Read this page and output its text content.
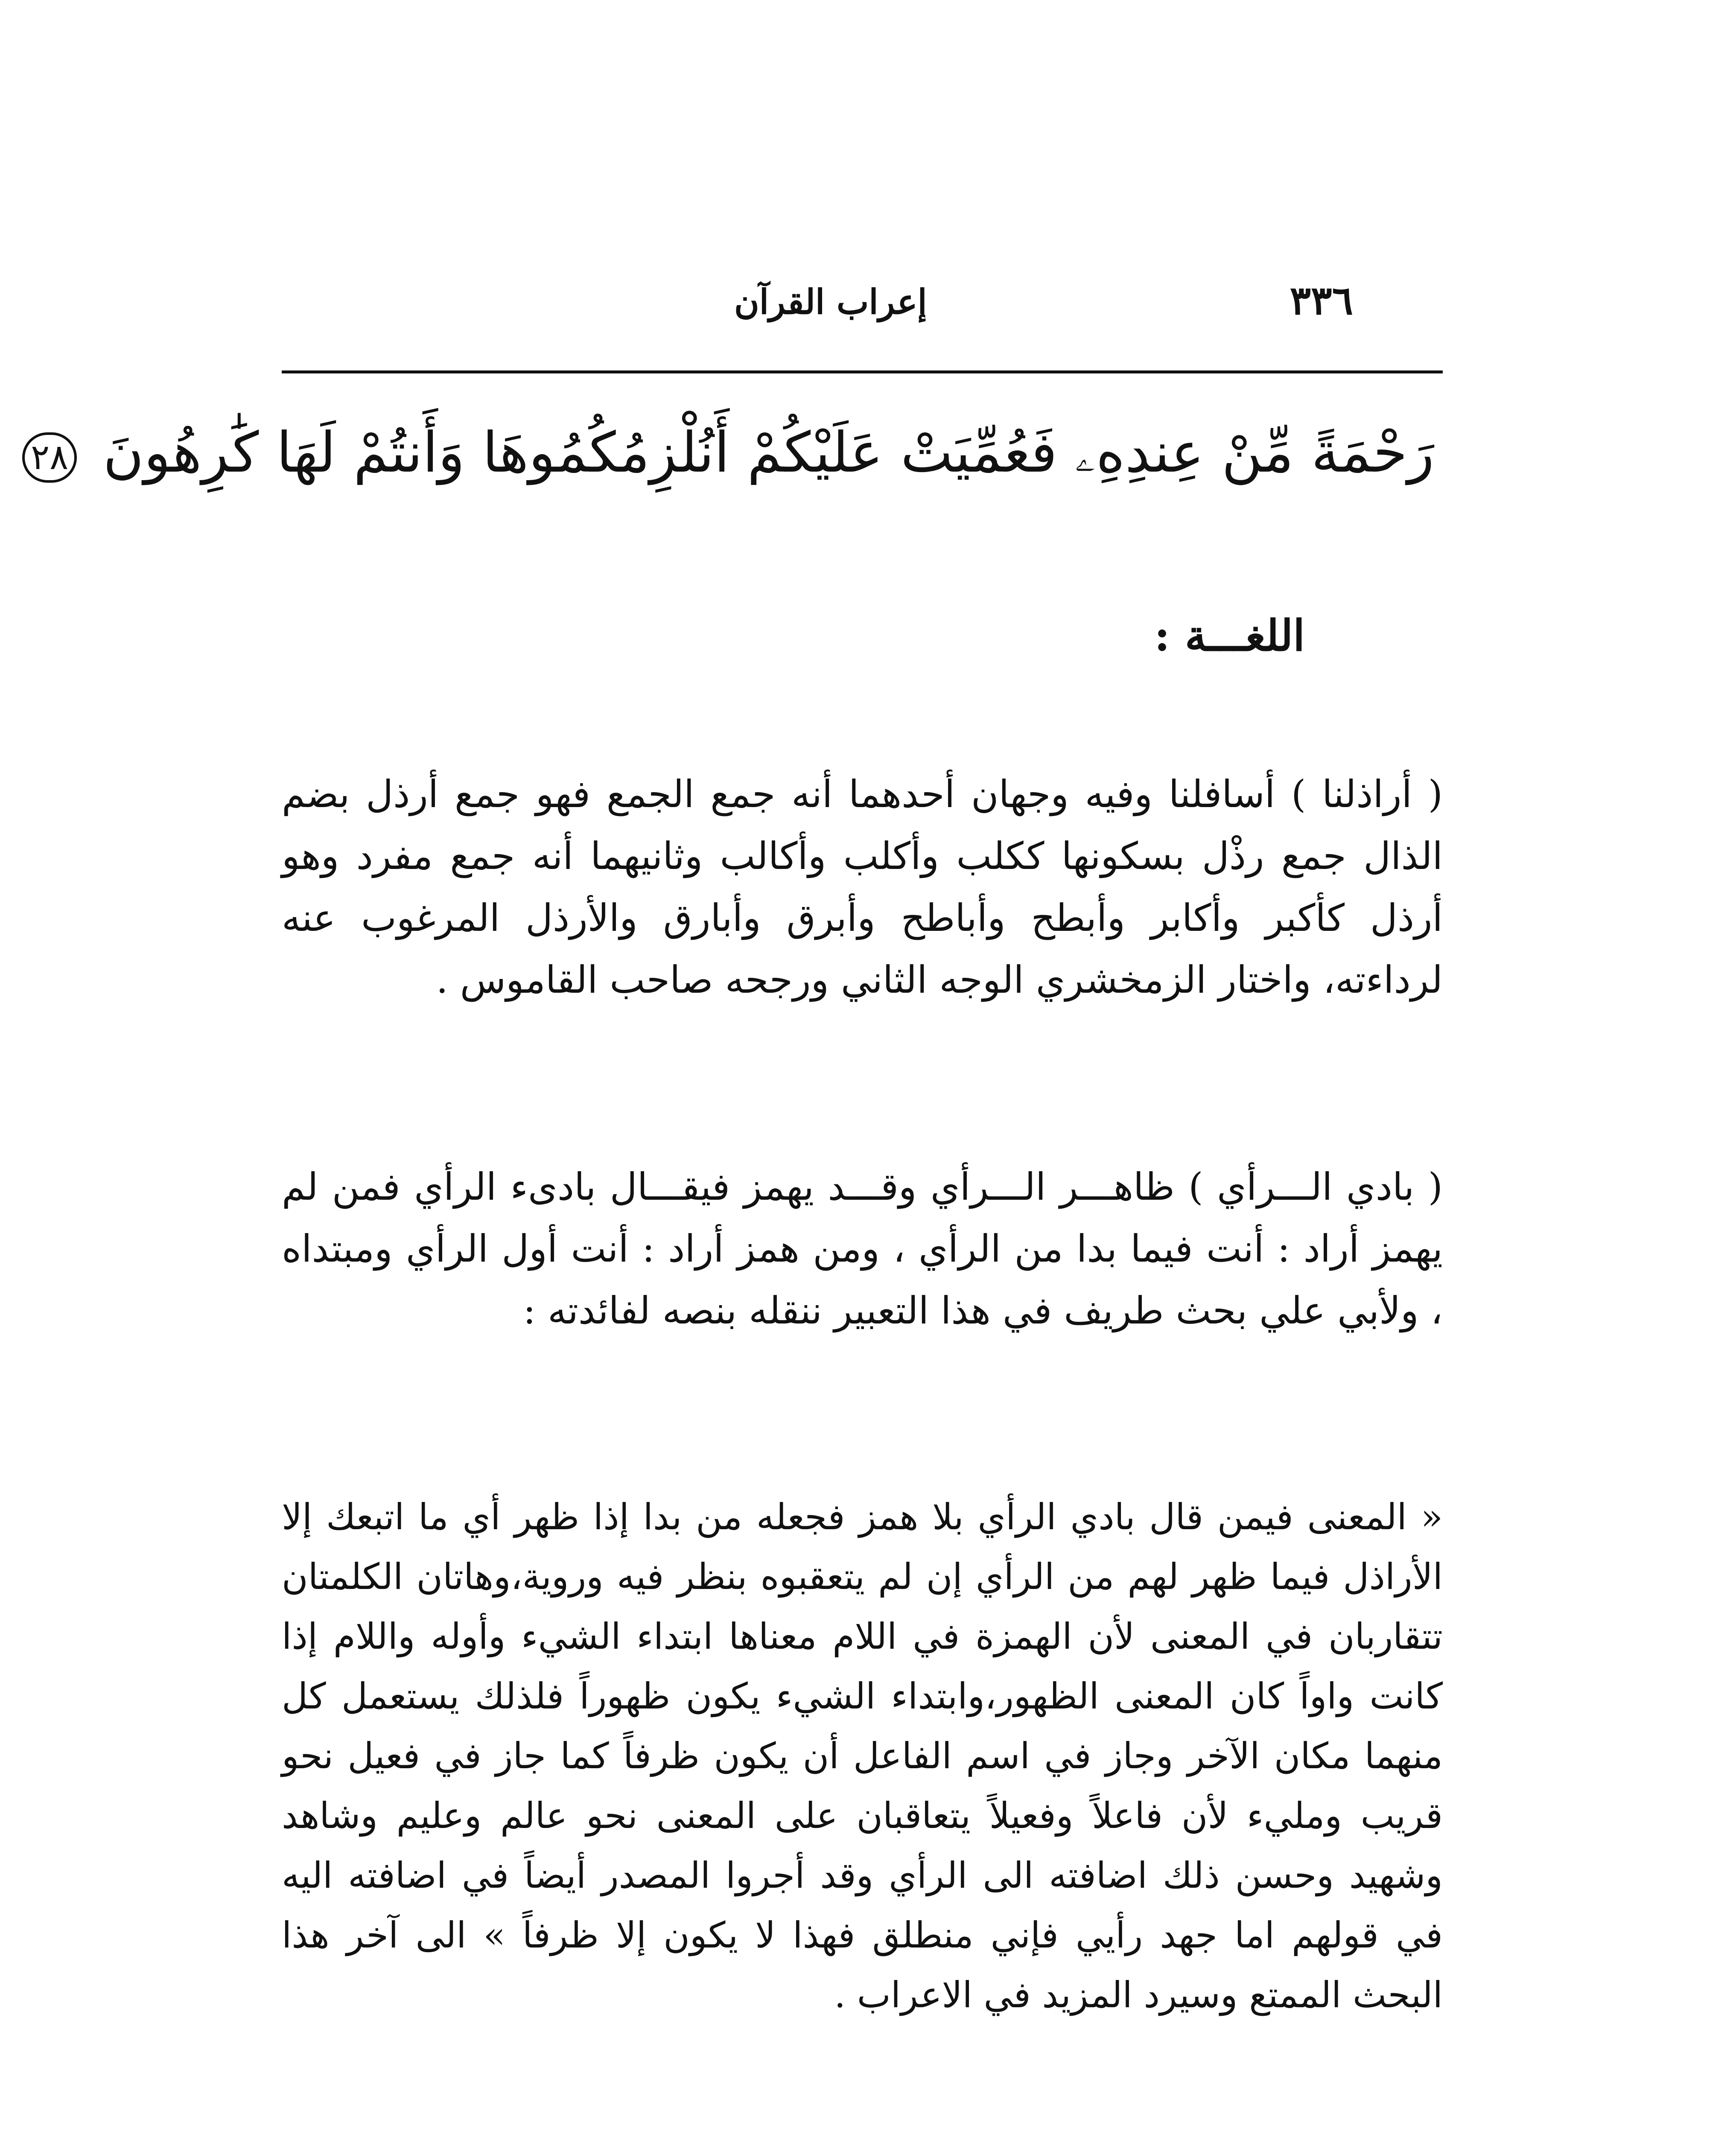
٣٣٦
إعراب القرآن
رَحْمَةً مِّنْ عِندِهِۦ فَعُمِّيَتْ عَلَيْكُمْ أَنُلْزِمُكُمُوهَا وَأَنتُمْ لَهَا كَٰرِهُونَ ٢٨
اللغـــة :

( أراذلنا ) أسافلنا وفيه وجهان أحدهما أنه جمع الجمع فهو جمع أرذل بضم الذال جمع رذْل بسكونها ككلب وأكلب وأكالب وثانيهما أنه جمع مفرد وهو أرذل كأكبر وأكابر وأبطح وأباطح وأبرق وأبارق والأرذل المرغوب عنه لرداءته، واختار الزمخشري الوجه الثاني ورجحه صاحب القاموس .

( بادي الـــرأي ) ظاهـــر الـــرأي وقـــد يهمز فيقـــال بادىء الرأي فمن لم يهمز أراد : أنت فيما بدا من الرأي ، ومن همز أراد : أنت أول الرأي ومبتداه ، ولأبي علي بحث طريف في هذا التعبير ننقله بنصه لفائدته :

« المعنى فيمن قال بادي الرأي بلا همز فجعله من بدا إذا ظهر أي ما اتبعك إلا الأراذل فيما ظهر لهم من الرأي إن لم يتعقبوه بنظر فيه وروية،وهاتان الكلمتان تتقاربان في المعنى لأن الهمزة في اللام معناها ابتداء الشيء وأوله واللام إذا كانت واواً كان المعنى الظهور،وابتداء الشيء يكون ظهوراً فلذلك يستعمل كل منهما مكان الآخر وجاز في اسم الفاعل أن يكون ظرفاً كما جاز في فعيل نحو قريب ومليء لأن فاعلاً وفعيلاً يتعاقبان على المعنى نحو عالم وعليم وشاهد وشهيد وحسن ذلك اضافته الى الرأي وقد أجروا المصدر أيضاً في اضافته اليه في قولهم اما جهد رأيي فإني منطلق فهذا لا يكون إلا ظرفاً » الى آخر هذا البحث الممتع وسيرد المزيد في الاعراب .
